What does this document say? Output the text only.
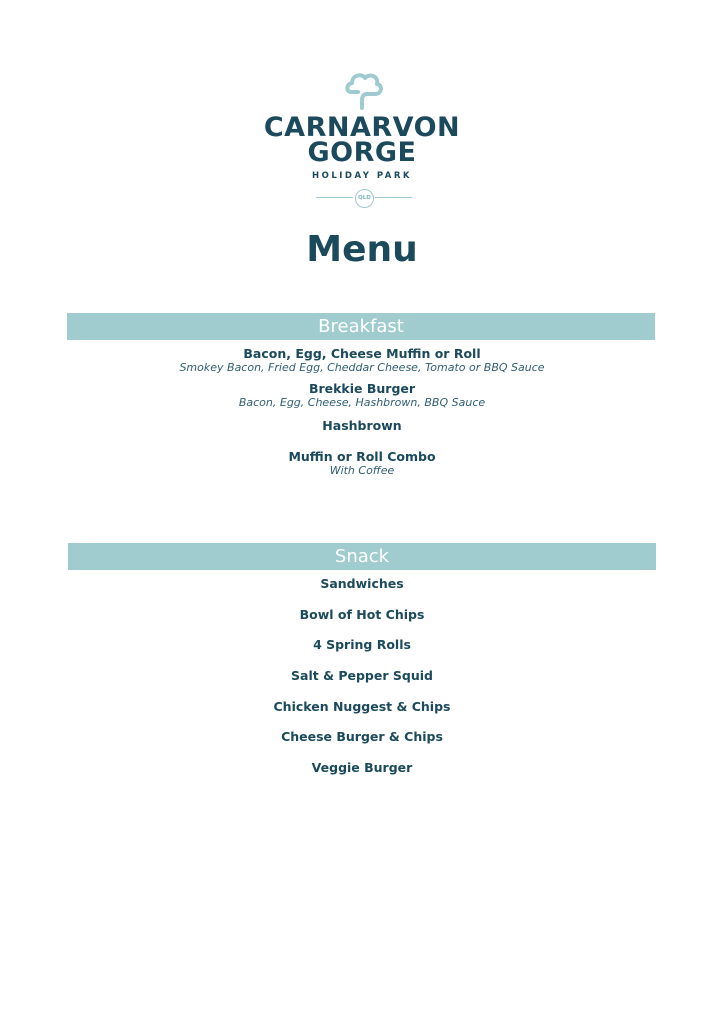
CARNARVON
GORGE
HOLIDAY PARK
QLD
Menu
Breakfast
Bacon, Egg, Cheese Muffin or Roll
Smokey Bacon, Fried Egg, Cheddar Cheese, Tomato or BBQ Sauce
Brekkie Burger
Bacon, Egg, Cheese, Hashbrown, BBQ Sauce
Hashbrown
Muffin or Roll Combo
With Coffee
Snack
Sandwiches
Bowl of Hot Chips
4 Spring Rolls
Salt & Pepper Squid
Chicken Nuggest & Chips
Cheese Burger & Chips
Veggie Burger
